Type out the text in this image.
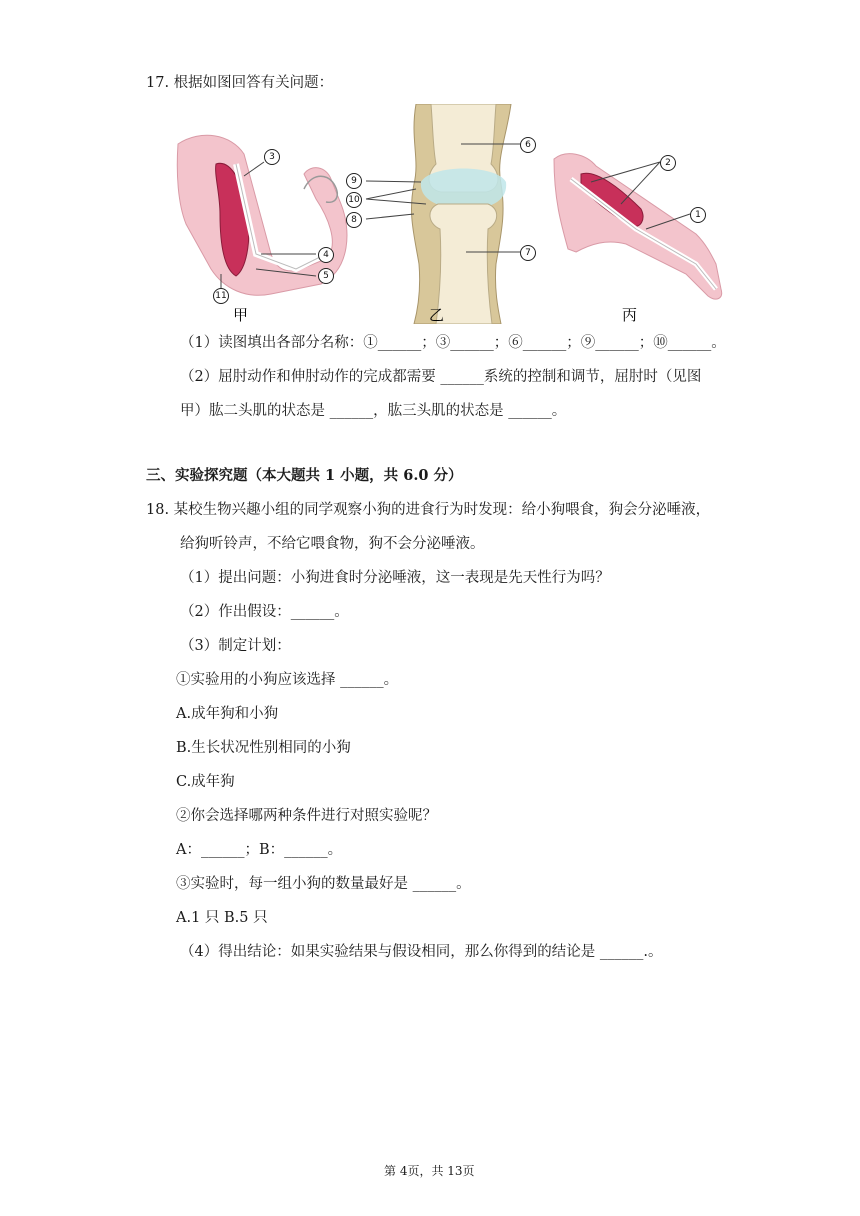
17. 根据如图回答有关问题：
3
4
5
11
9
10
8
6
7
2
1
甲	乙	丙
（1）读图填出各部分名称：①______；③______；⑥______；⑨______；⑩______。
（2）屈肘动作和伸肘动作的完成都需要 ______系统的控制和调节，屈肘时（见图
甲）肱二头肌的状态是 ______，肱三头肌的状态是 ______。
三、实验探究题（本大题共 1 小题，共 6.0 分）
18. 某校生物兴趣小组的同学观察小狗的进食行为时发现：给小狗喂食，狗会分泌唾液，
给狗听铃声，不给它喂食物，狗不会分泌唾液。
（1）提出问题：小狗进食时分泌唾液，这一表现是先天性行为吗？
（2）作出假设：______。
（3）制定计划：
①实验用的小狗应该选择 ______。
A.成年狗和小狗
B.生长状况性别相同的小狗
C.成年狗
②你会选择哪两种条件进行对照实验呢？
A：______；B：______。
③实验时，每一组小狗的数量最好是 ______。
A.1 只 B.5 只
（4）得出结论：如果实验结果与假设相同，那么你得到的结论是 ______.。
第 4页，共 13页
